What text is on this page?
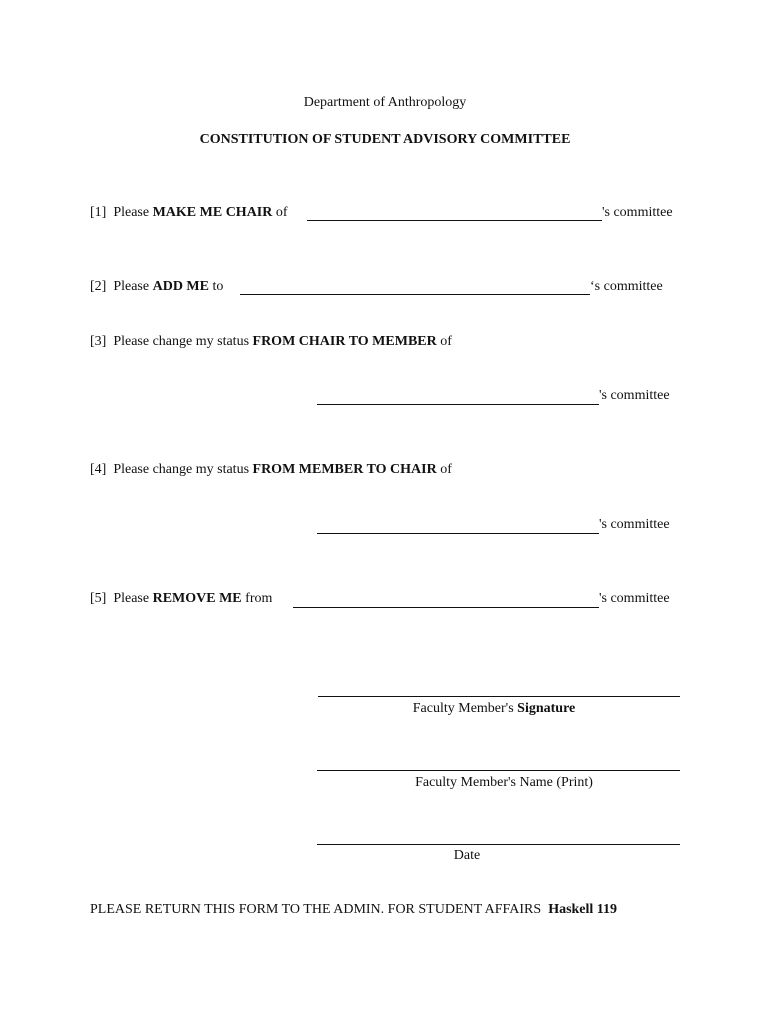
Department of Anthropology
CONSTITUTION OF STUDENT ADVISORY COMMITTEE
[1] Please MAKE ME CHAIR of	's committee
[2] Please ADD ME to	‘s committee
[3] Please change my status FROM CHAIR TO MEMBER of
's committee
[4] Please change my status FROM MEMBER TO CHAIR of
's committee
[5] Please REMOVE ME from	's committee
Faculty Member's Signature
Faculty Member's Name (Print)
Date
PLEASE RETURN THIS FORM TO THE ADMIN. FOR STUDENT AFFAIRS Haskell 119
